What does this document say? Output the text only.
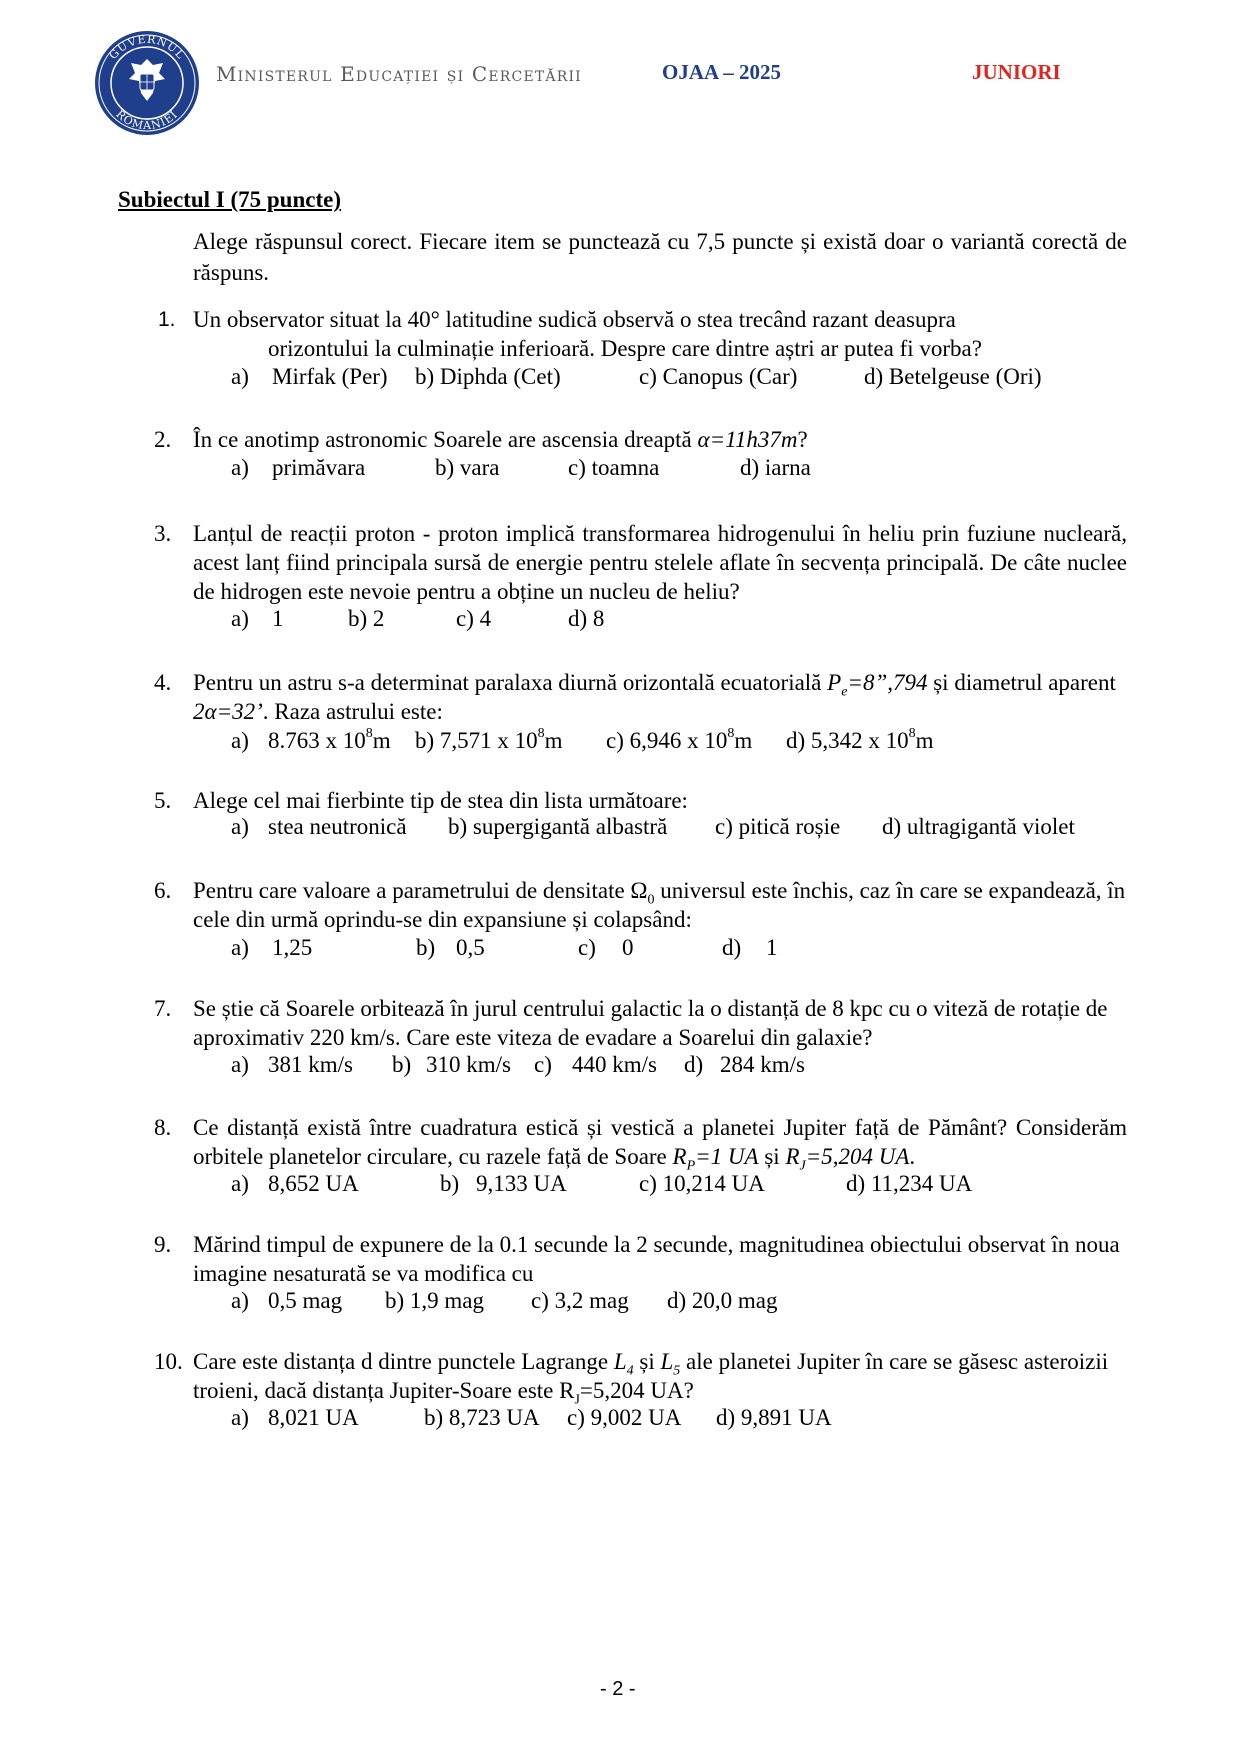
GUVERNUL
ROMÂNIEI
Ministerul Educației și Cercetării	OJAA – 2025	JUNIORI
Subiectul I (75 puncte)
Alege răspunsul corect. Fiecare item se punctează cu 7,5 puncte și există doar o variantă corectă de răspuns.
1. Un observator situat la 40° latitudine sudică observă o stea trecând razant deasupra
orizontului la culminație inferioară. Despre care dintre aștri ar putea fi vorba?
a) Mirfak (Per) b) Diphda (Cet)	c) Canopus (Car)	d) Betelgeuse (Ori)
2. În ce anotimp astronomic Soarele are ascensia dreaptă α=11h37m?
a) primăvara	b) vara	c) toamna	d) iarna
3. Lanțul de reacții proton - proton implică transformarea hidrogenului în heliu prin fuziune nucleară, acest lanț fiind principala sursă de energie pentru stelele aflate în secvența principală. De câte nuclee de hidrogen este nevoie pentru a obține un nucleu de heliu?
a) 1	b) 2	c) 4	d) 8
4. Pentru un astru s-a determinat paralaxa diurnă orizontală ecuatorială $P_e=8”,794$ și diametrul aparent 2α=32’. Raza astrului este:
a) 8.763 x $10^8m$ b) 7,571 x $10^8m$ c) 6,946 x $10^8m$ d) 5,342 x $10^8m$
5. Alege cel mai fierbinte tip de stea din lista următoare:
a) stea neutronică b) supergigantă albastră c) pitică roșie d) ultragigantă violet
6. Pentru care valoare a parametrului de densitate $\Omega_0$ universul este închis, caz în care se expandează, în cele din urmă oprindu-se din expansiune și colapsând:
a) 1,25	b) 0,5	c) 0	d) 1
7. Se știe că Soarele orbitează în jurul centrului galactic la o distanță de 8 kpc cu o viteză de rotație de aproximativ 220 km/s. Care este viteza de evadare a Soarelui din galaxie?
a) 381 km/s b) 310 km/s c) 440 km/s d) 284 km/s
8. Ce distanță există între cuadratura estică și vestică a planetei Jupiter față de Pământ? Considerăm orbitele planetelor circulare, cu razele față de Soare $R_P=1$ UA și $R_J=5,204$ UA.
a) 8,652 UA	b) 9,133 UA	c) 10,214 UA	d) 11,234 UA
9. Mărind timpul de expunere de la 0.1 secunde la 2 secunde, magnitudinea obiectului observat în noua imagine nesaturată se va modifica cu
a) 0,5 mag b) 1,9 mag c) 3,2 mag d) 20,0 mag
10. Care este distanța d dintre punctele Lagrange $L_4$ și $L_5$ ale planetei Jupiter în care se găsesc asteroizii troieni, dacă distanța Jupiter-Soare este $R_J=5,204$ UA?
a) 8,021 UA	b) 8,723 UA c) 9,002 UA d) 9,891 UA
- 2 -
